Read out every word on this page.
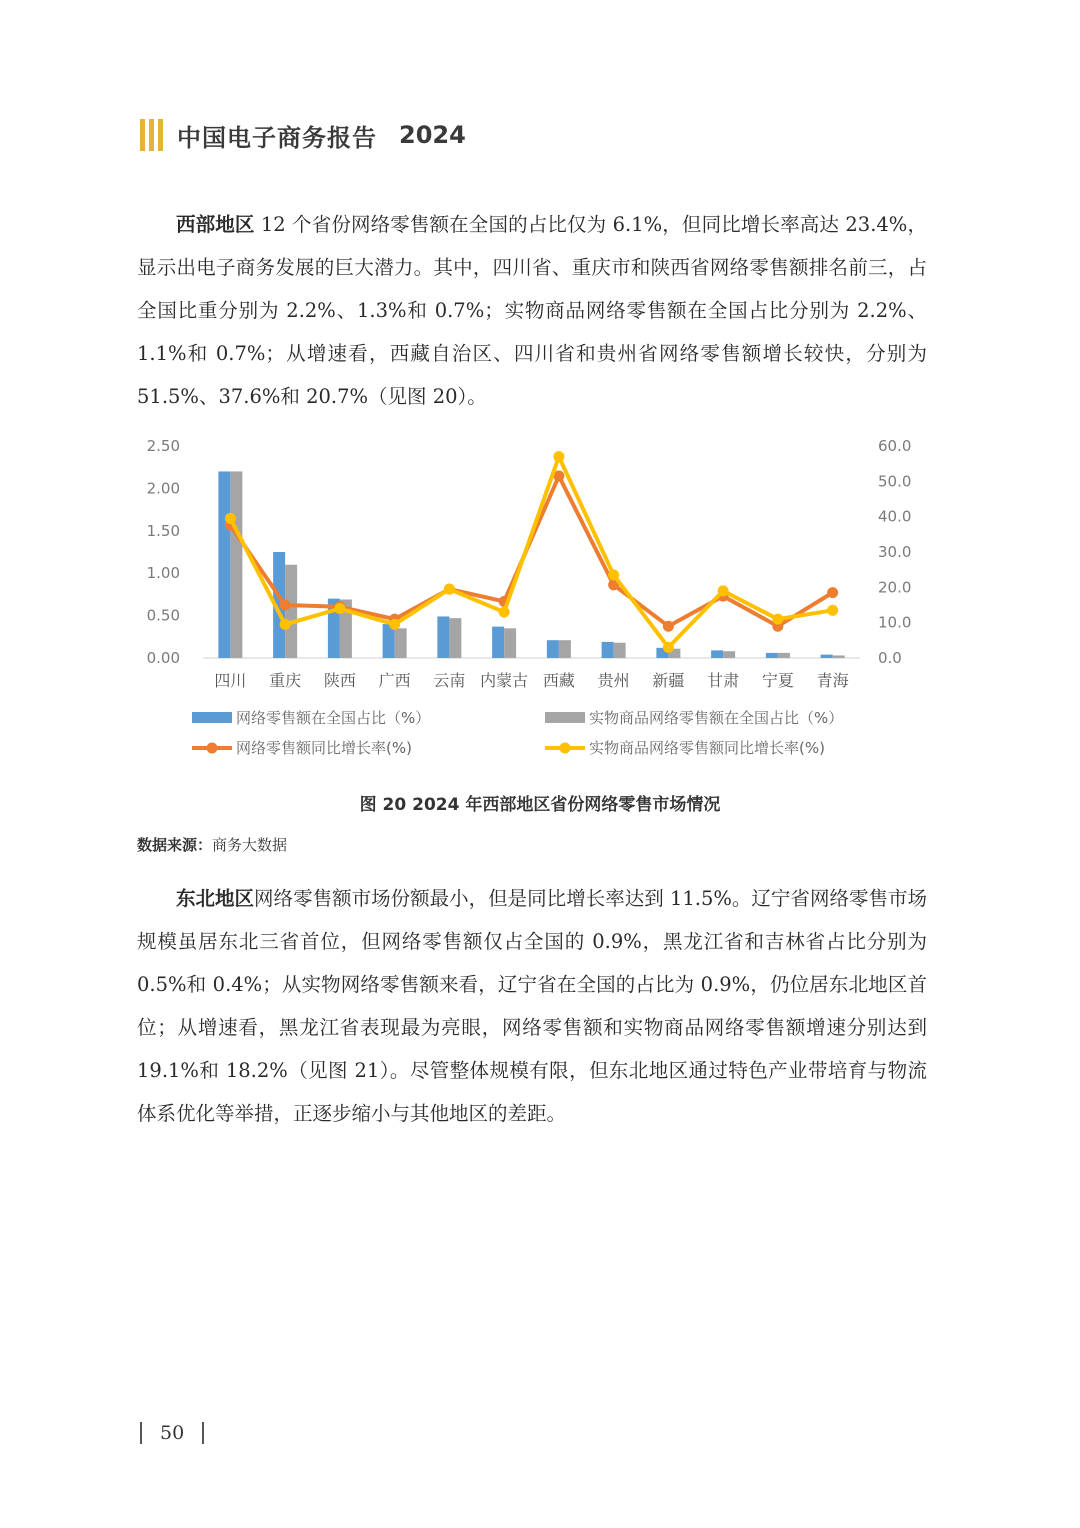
中国电子商务报告 2024
西部地区 12 个省份网络零售额在全国的占比仅为 6.1%，但同比增长率高达 23.4%，显示出电子商务发展的巨大潜力。其中，四川省、重庆市和陕西省网络零售额排名前三，占全国比重分别为 2.2%、1.3%和 0.7%；实物商品网络零售额在全国占比分别为 2.2%、1.1%和 0.7%；从增速看，西藏自治区、四川省和贵州省网络零售额增长较快，分别为 51.5%、37.6%和 20.7%（见图 20）。
0.00
0.50
1.00
1.50
2.00
2.50
0.0
10.0
20.0
30.0
40.0
50.0
60.0
四川 重庆 陕西 广西 云南 内蒙古 西藏 贵州 新疆 甘肃 宁夏 青海
网络零售额在全国占比（%）	实物商品网络零售额在全国占比（%）
网络零售额同比增长率(%)	实物商品网络零售额同比增长率(%)
图 20 2024 年西部地区省份网络零售市场情况
数据来源：商务大数据
东北地区网络零售额市场份额最小，但是同比增长率达到 11.5%。辽宁省网络零售市场规模虽居东北三省首位，但网络零售额仅占全国的 0.9%，黑龙江省和吉林省占比分别为 0.5%和 0.4%；从实物网络零售额来看，辽宁省在全国的占比为 0.9%，仍位居东北地区首位；从增速看，黑龙江省表现最为亮眼，网络零售额和实物商品网络零售额增速分别达到 19.1%和 18.2%（见图 21）。尽管整体规模有限，但东北地区通过特色产业带培育与物流体系优化等举措，正逐步缩小与其他地区的差距。
50
